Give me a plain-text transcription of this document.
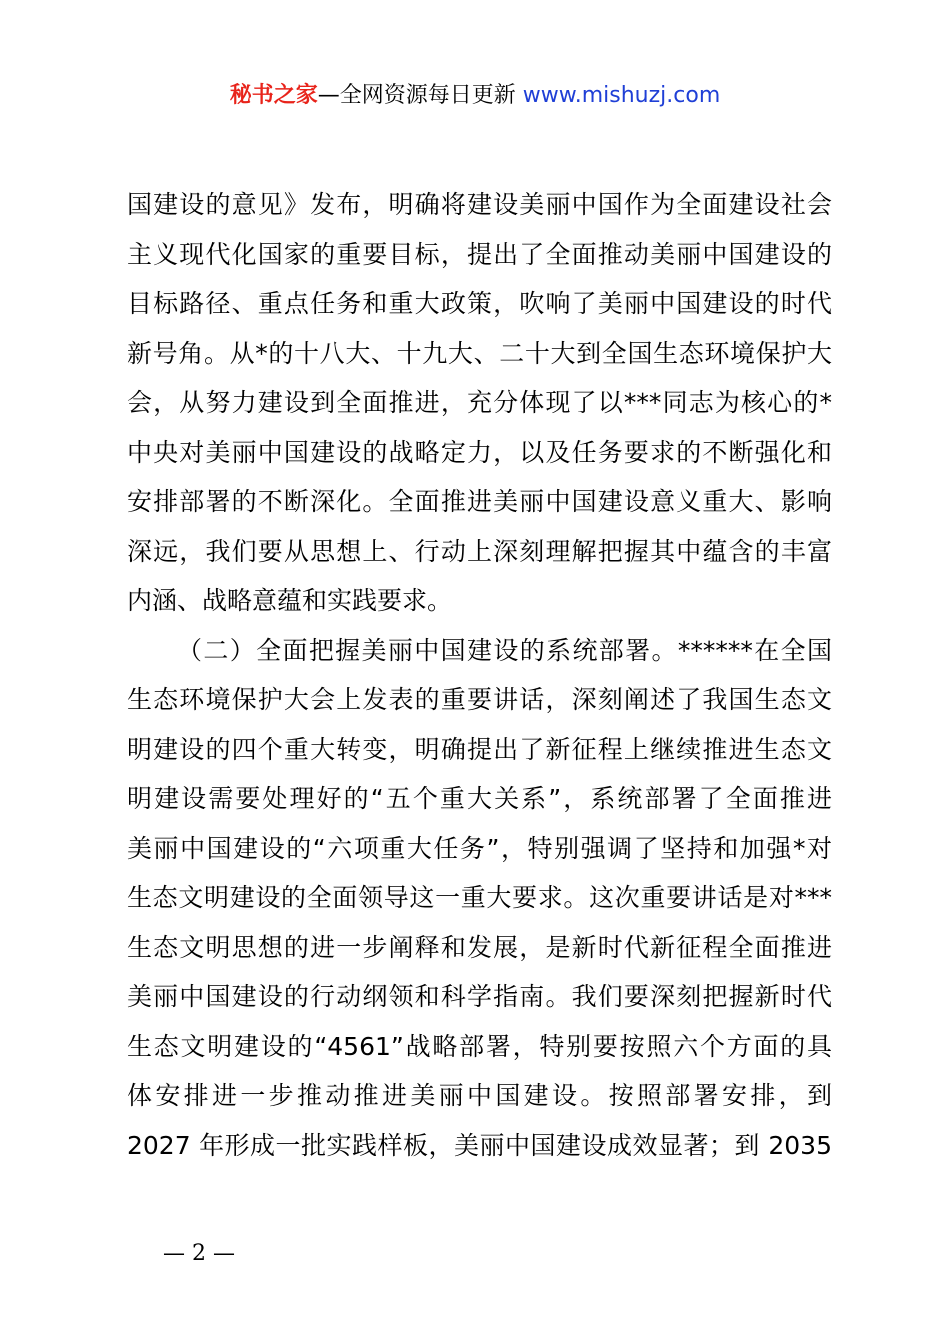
秘书之家—全网资源每日更新 www.mishuzj.com
国建设的意见》发布，明确将建设美丽中国作为全面建设社会
主义现代化国家的重要目标，提出了全面推动美丽中国建设的
目标路径、重点任务和重大政策，吹响了美丽中国建设的时代
新号角。从*的十八大、十九大、二十大到全国生态环境保护大
会，从努力建设到全面推进，充分体现了以***同志为核心的*
中央对美丽中国建设的战略定力，以及任务要求的不断强化和
安排部署的不断深化。全面推进美丽中国建设意义重大、影响
深远，我们要从思想上、行动上深刻理解把握其中蕴含的丰富
内涵、战略意蕴和实践要求。
（二）全面把握美丽中国建设的系统部署。******在全国
生态环境保护大会上发表的重要讲话，深刻阐述了我国生态文
明建设的四个重大转变，明确提出了新征程上继续推进生态文
明建设需要处理好的“五个重大关系”，系统部署了全面推进
美丽中国建设的“六项重大任务”，特别强调了坚持和加强*对
生态文明建设的全面领导这一重大要求。这次重要讲话是对***
生态文明思想的进一步阐释和发展，是新时代新征程全面推进
美丽中国建设的行动纲领和科学指南。我们要深刻把握新时代
生态文明建设的“4561”战略部署，特别要按照六个方面的具
体安排进一步推动推进美丽中国建设。按照部署安排，到
2027 年形成一批实践样板，美丽中国建设成效显著；到 2035
— 2 —
